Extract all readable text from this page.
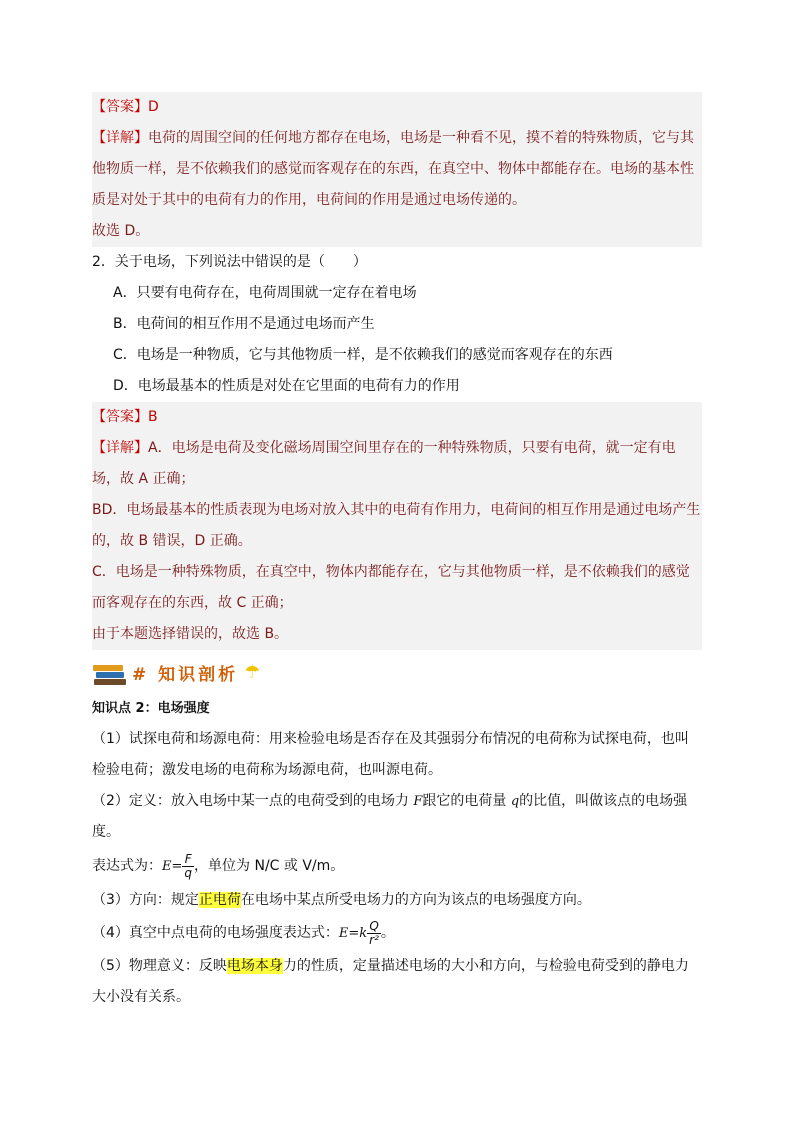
【答案】D

【详解】电荷的周围空间的任何地方都存在电场，电场是一种看不见，摸不着的特殊物质，它与其他物质一样，是不依赖我们的感觉而客观存在的东西，在真空中、物体中都能存在。电场的基本性质是对处于其中的电荷有力的作用，电荷间的作用是通过电场传递的。

故选 D。

2．关于电场，下列说法中错误的是（　　）

A．只要有电荷存在，电荷周围就一定存在着电场

B．电荷间的相互作用不是通过电场而产生

C．电场是一种物质，它与其他物质一样，是不依赖我们的感觉而客观存在的东西

D．电场最基本的性质是对处在它里面的电荷有力的作用

【答案】B

【详解】A．电场是电荷及变化磁场周围空间里存在的一种特殊物质，只要有电荷，就一定有电场，故 A 正确；

BD．电场最基本的性质表现为电场对放入其中的电荷有作用力，电荷间的相互作用是通过电场产生的，故 B 错误，D 正确。

C．电场是一种特殊物质，在真空中，物体内都能存在，它与其他物质一样，是不依赖我们的感觉而客观存在的东西，故 C 正确；

由于本题选择错误的，故选 B。

# 知识剖析 ☂

知识点 2：电场强度

（1）试探电荷和场源电荷：用来检验电场是否存在及其强弱分布情况的电荷称为试探电荷，也叫检验电荷；激发电场的电荷称为场源电荷，也叫源电荷。

（2）定义：放入电场中某一点的电荷受到的电场力 F跟它的电荷量 q的比值，叫做该点的电场强度。

表达式为：$E= \frac{F}{q}$ ，单位为 N/C 或 V/m。

（3）方向：规定正电荷在电场中某点所受电场力的方向为该点的电场强度方向。

（4）真空中点电荷的电场强度表达式：$E=k \frac{Q}{\text{r²}}$ 。

（5）物理意义：反映电场本身力的性质，定量描述电场的大小和方向，与检验电荷受到的静电力大小没有关系。
